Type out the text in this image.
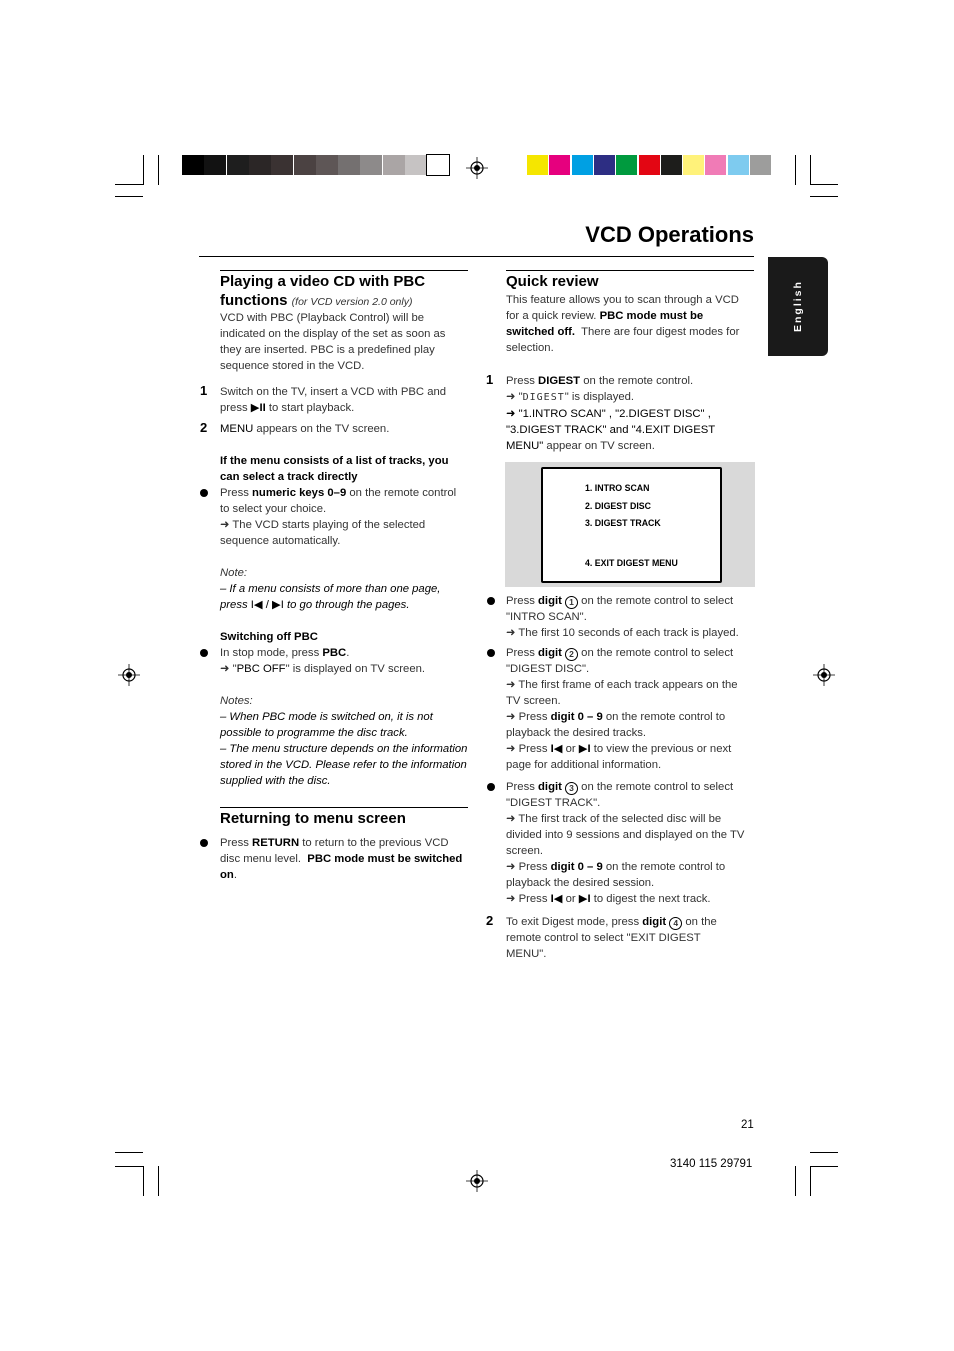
VCD Operations
English
Playing a video CD with PBC
functions (for VCD version 2.0 only)
VCD with PBC (Playback Control) will be indicated on the display of the set as soon as they are inserted. PBC is a predefined play sequence stored in the VCD.
1 Switch on the TV, insert a VCD with PBC and press ▶II to start playback.
2 MENU appears on the TV screen.
If the menu consists of a list of tracks, you can select a track directly
Press numeric keys 0–9 on the remote control to select your choice.
➜ The VCD starts playing of the selected sequence automatically.
Note:
– If a menu consists of more than one page, press I◀ / ▶I to go through the pages.
Switching off PBC
In stop mode, press PBC.
➜ "PBC OFF" is displayed on TV screen.
Notes:
– When PBC mode is switched on, it is not possible to programme the disc track.
– The menu structure depends on the information stored in the VCD. Please refer to the information supplied with the disc.
Returning to menu screen
Press RETURN to return to the previous VCD disc menu level. PBC mode must be switched on.
Quick review
This feature allows you to scan through a VCD for a quick review. PBC mode must be switched off. There are four digest modes for selection.
1 Press DIGEST on the remote control.
➜ "DIGEST" is displayed.
➜ "1.INTRO SCAN" , "2.DIGEST DISC" , "3.DIGEST TRACK" and "4.EXIT DIGEST MENU" appear on TV screen.
1. INTRO SCAN
2. DIGEST DISC
3. DIGEST TRACK
4. EXIT DIGEST MENU
Press digit 1 on the remote control to select "INTRO SCAN".
➜ The first 10 seconds of each track is played.
Press digit 2 on the remote control to select "DIGEST DISC".
➜ The first frame of each track appears on the TV screen.
➜ Press digit 0 – 9 on the remote control to playback the desired tracks.
➜ Press I◀ or ▶I to view the previous or next page for additional information.
Press digit 3 on the remote control to select "DIGEST TRACK".
➜ The first track of the selected disc will be divided into 9 sessions and displayed on the TV screen.
➜ Press digit 0 – 9 on the remote control to playback the desired session.
➜ Press I◀ or ▶I to digest the next track.
2 To exit Digest mode, press digit 4 on the remote control to select "EXIT DIGEST MENU".
21
3140 115 29791
